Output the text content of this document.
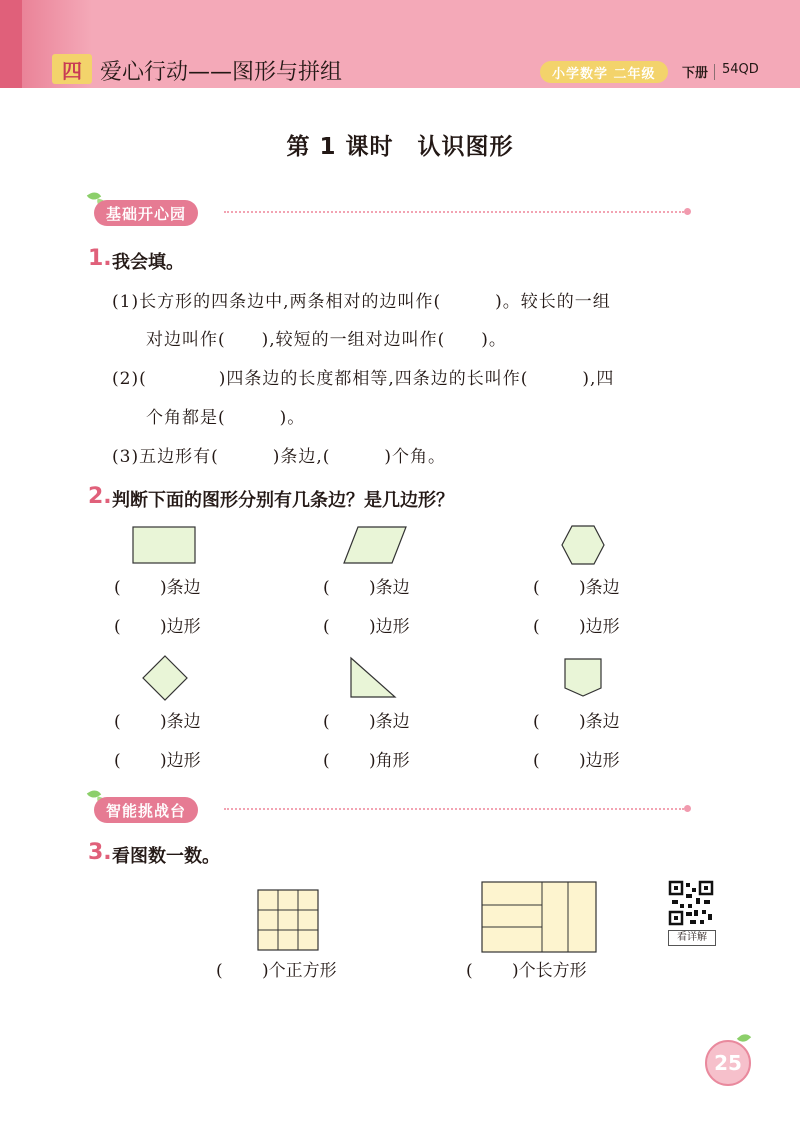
四 爱心行动——图形与拼组	小学数学 二年级	下册 54QD
第 1 课时　认识图形
基础开心园
1. 我会填。
(1)长方形的四条边中,两条相对的边叫作(　　　)。较长的一组
对边叫作(　　),较短的一组对边叫作(　　)。
(2)(　　　　)四条边的长度都相等,四条边的长叫作(　　　),四
个角都是(　　　)。
(3)五边形有(　　　)条边,(　　　)个角。
2. 判断下面的图形分别有几条边？是几边形？
(　　 )条边
(　　 )边形
(　　 )条边
(　　 )边形
(　　 )条边
(　　 )边形
(　　 )条边
(　　 )边形
(　　 )条边
(　　 )角形
(　　 )条边
(　　 )边形
智能挑战台
3. 看图数一数。
(　　 )个正方形	(　　 )个长方形
看详解
25
